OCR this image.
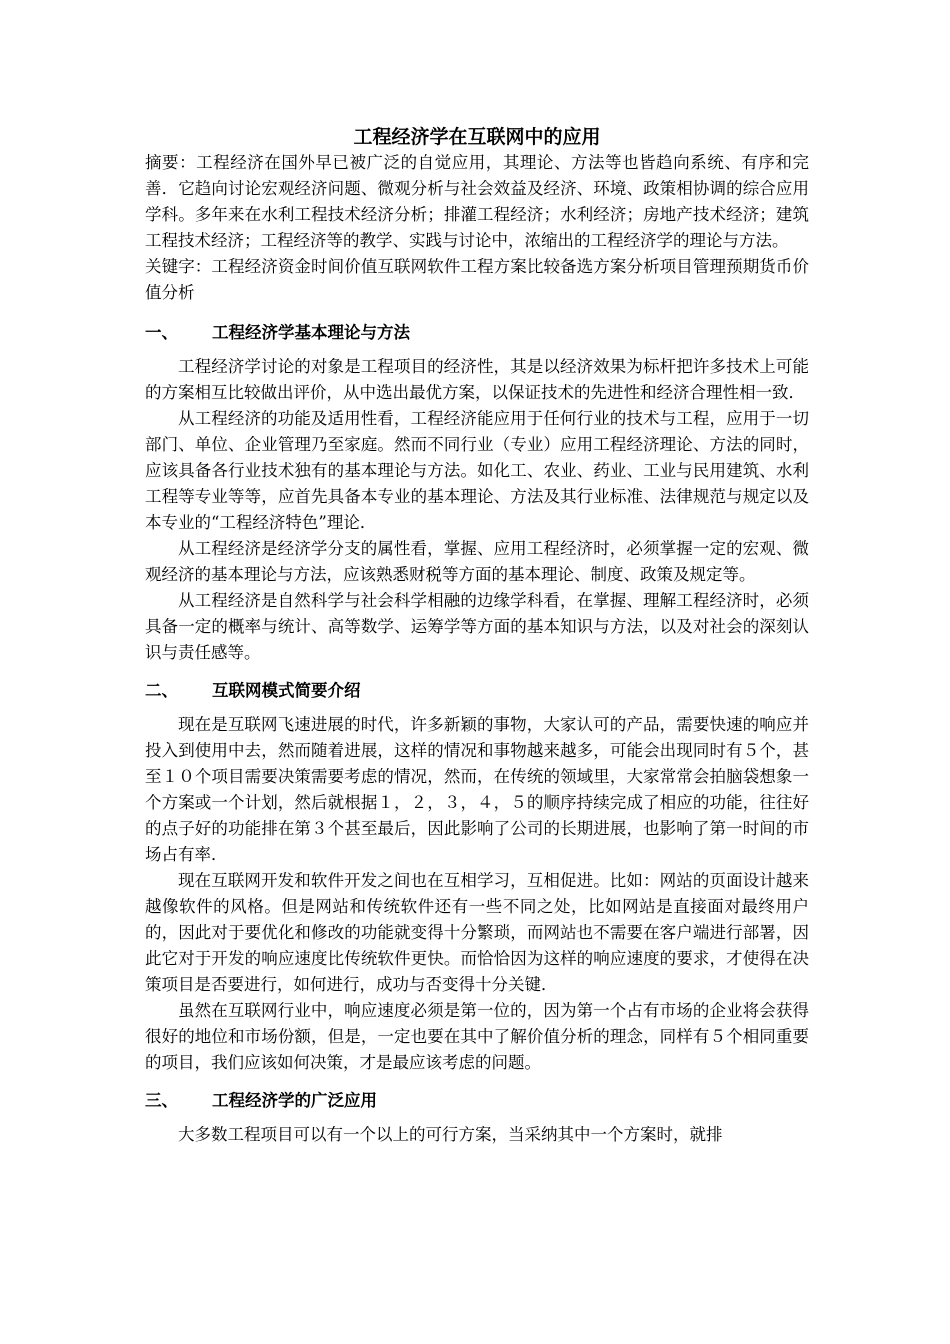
工程经济学在互联网中的应用

摘要：工程经济在国外早已被广泛的自觉应用，其理论、方法等也皆趋向系统、有序和完善．它趋向讨论宏观经济问题、微观分析与社会效益及经济、环境、政策相协调的综合应用学科。多年来在水利工程技术经济分析；排灌工程经济；水利经济；房地产技术经济；建筑工程技术经济；工程经济等的教学、实践与讨论中，浓缩出的工程经济学的理论与方法。

关键字：工程经济资金时间价值互联网软件工程方案比较备选方案分析项目管理预期货币价值分析

一、	工程经济学基本理论与方法

工程经济学讨论的对象是工程项目的经济性，其是以经济效果为标杆把许多技术上可能的方案相互比较做出评价，从中选出最优方案，以保证技术的先进性和经济合理性相一致．

从工程经济的功能及适用性看，工程经济能应用于任何行业的技术与工程，应用于一切部门、单位、企业管理乃至家庭。然而不同行业（专业）应用工程经济理论、方法的同时，应该具备各行业技术独有的基本理论与方法。如化工、农业、药业、工业与民用建筑、水利工程等专业等等，应首先具备本专业的基本理论、方法及其行业标准、法律规范与规定以及本专业的“工程经济特色”理论．

从工程经济是经济学分支的属性看，掌握、应用工程经济时，必须掌握一定的宏观、微观经济的基本理论与方法，应该熟悉财税等方面的基本理论、制度、政策及规定等。

从工程经济是自然科学与社会科学相融的边缘学科看，在掌握、理解工程经济时，必须具备一定的概率与统计、高等数学、运筹学等方面的基本知识与方法，以及对社会的深刻认识与责任感等。

二、	互联网模式简要介绍

现在是互联网飞速进展的时代，许多新颖的事物，大家认可的产品，需要快速的响应并投入到使用中去，然而随着进展，这样的情况和事物越来越多，可能会出现同时有５个，甚至１０个项目需要决策需要考虑的情况，然而，在传统的领域里，大家常常会拍脑袋想象一个方案或一个计划，然后就根据１，２，３，４，５的顺序持续完成了相应的功能，往往好的点子好的功能排在第３个甚至最后，因此影响了公司的长期进展，也影响了第一时间的市场占有率．

现在互联网开发和软件开发之间也在互相学习，互相促进。比如：网站的页面设计越来越像软件的风格。但是网站和传统软件还有一些不同之处，比如网站是直接面对最终用户的，因此对于要优化和修改的功能就变得十分繁琐，而网站也不需要在客户端进行部署，因此它对于开发的响应速度比传统软件更快。而恰恰因为这样的响应速度的要求，才使得在决策项目是否要进行，如何进行，成功与否变得十分关键．

虽然在互联网行业中，响应速度必须是第一位的，因为第一个占有市场的企业将会获得很好的地位和市场份额，但是，一定也要在其中了解价值分析的理念，同样有５个相同重要的项目，我们应该如何决策，才是最应该考虑的问题。

三、	工程经济学的广泛应用

大多数工程项目可以有一个以上的可行方案，当采纳其中一个方案时，就排
